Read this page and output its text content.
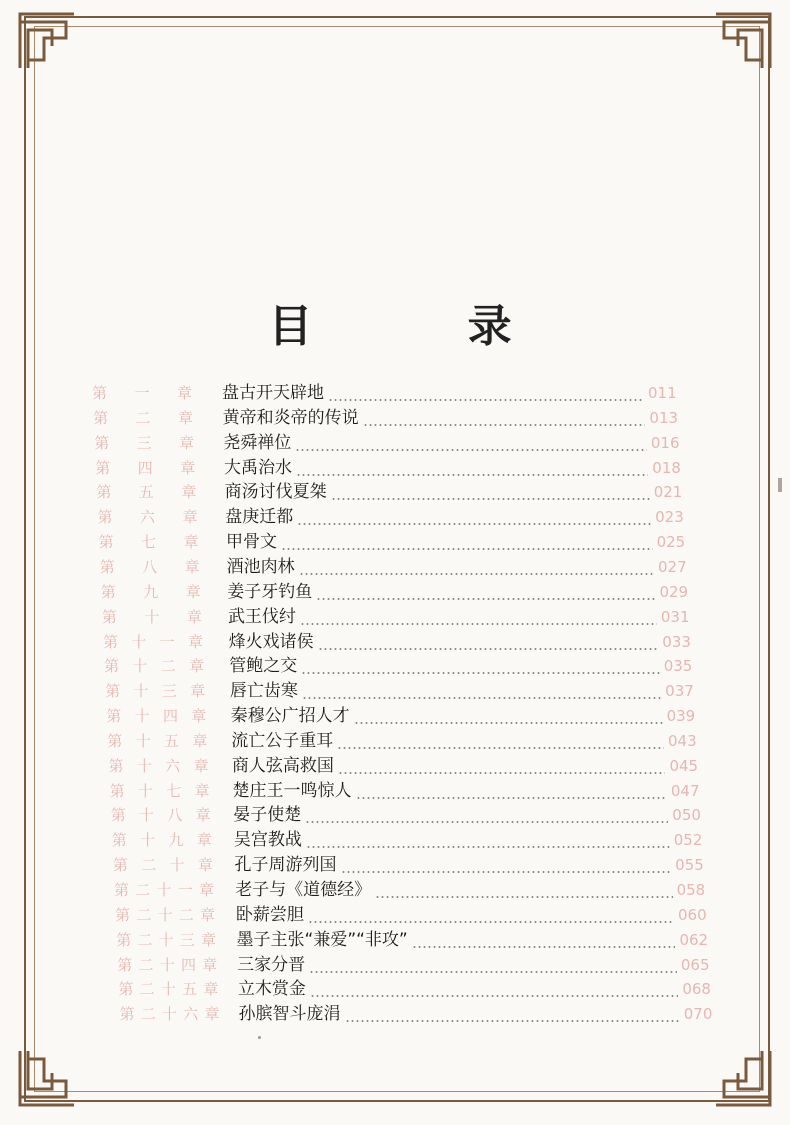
目 录
第 一 章 盘古开天辟地	011
第 二 章 黄帝和炎帝的传说	013
第 三 章 尧舜禅位	016
第 四 章 大禹治水	018
第 五 章 商汤讨伐夏桀	021
第 六 章 盘庚迁都	023
第 七 章 甲骨文	025
第 八 章 酒池肉林	027
第 九 章 姜子牙钓鱼	029
第 十 章 武王伐纣	031
第 十 一 章 烽火戏诸侯	033
第 十 二 章 管鲍之交	035
第 十 三 章 唇亡齿寒	037
第 十 四 章 秦穆公广招人才	039
第 十 五 章 流亡公子重耳	043
第 十 六 章 商人弦高救国	045
第 十 七 章 楚庄王一鸣惊人	047
第 十 八 章 晏子使楚	050
第 十 九 章 吴宫教战	052
第 二 十 章 孔子周游列国	055
第 二 十 一 章 老子与《道德经》	058
第 二 十 二 章 卧薪尝胆	060
第 二 十 三 章 墨子主张“兼爱”“非攻”	062
第 二 十 四 章 三家分晋	065
第 二 十 五 章 立木赏金	068
第 二 十 六 章 孙膑智斗庞涓	070
